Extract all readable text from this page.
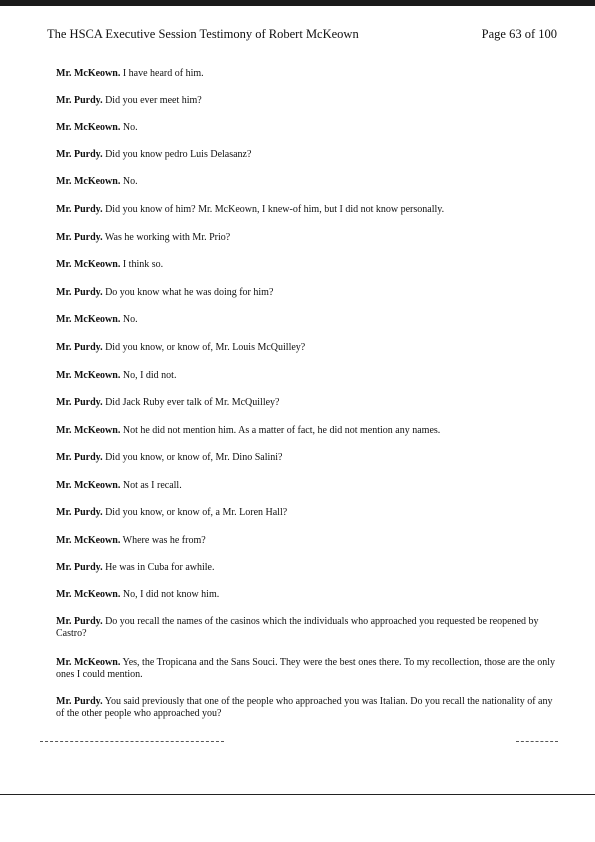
The HSCA Executive Session Testimony of Robert McKeown	Page 63 of 100

Mr. McKeown. I have heard of him.

Mr. Purdy. Did you ever meet him?

Mr. McKeown. No.

Mr. Purdy. Did you know pedro Luis Delasanz?

Mr. McKeown. No.

Mr. Purdy. Did you know of him? Mr. McKeown, I knew-of him, but I did not know personally.

Mr. Purdy. Was he working with Mr. Prio?

Mr. McKeown. I think so.

Mr. Purdy. Do you know what he was doing for him?

Mr. McKeown. No.

Mr. Purdy. Did you know, or know of, Mr. Louis McQuilley?

Mr. McKeown. No, I did not.

Mr. Purdy. Did Jack Ruby ever talk of Mr. McQuilley?

Mr. McKeown. Not he did not mention him. As a matter of fact, he did not mention any names.

Mr. Purdy. Did you know, or know of, Mr. Dino Salini?

Mr. McKeown. Not as I recall.

Mr. Purdy. Did you know, or know of, a Mr. Loren Hall?

Mr. McKeown. Where was he from?

Mr. Purdy. He was in Cuba for awhile.

Mr. McKeown. No, I did not know him.

Mr. Purdy. Do you recall the names of the casinos which the individuals who approached you requested be reopened by Castro?

Mr. McKeown. Yes, the Tropicana and the Sans Souci. They were the best ones there. To my recollection, those are the only ones I could mention.

Mr. Purdy. You said previously that one of the people who approached you was Italian. Do you recall the nationality of any of the other people who approached you?
